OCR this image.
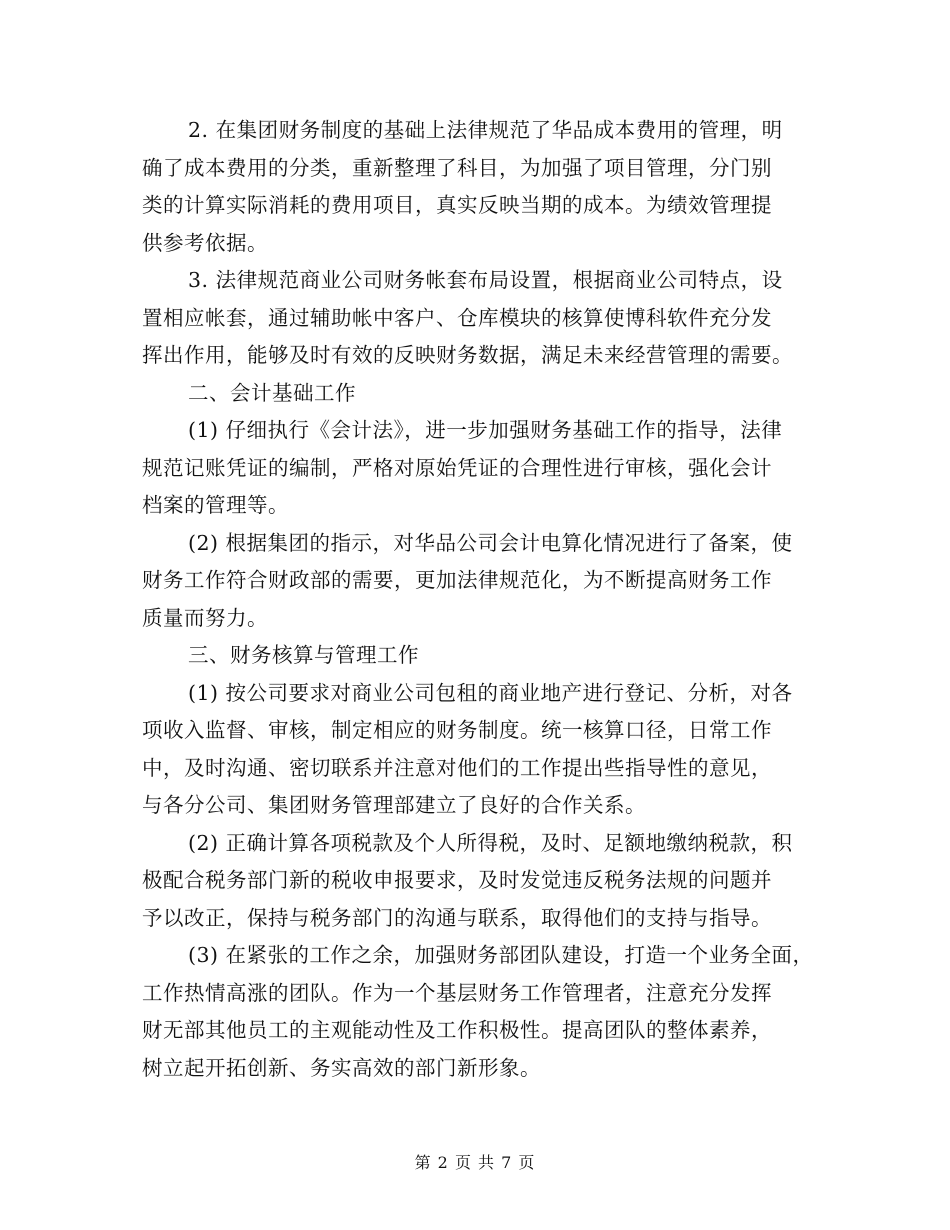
2. 在集团财务制度的基础上法律规范了华品成本费用的管理，明
确了成本费用的分类，重新整理了科目，为加强了项目管理，分门别
类的计算实际消耗的费用项目，真实反映当期的成本。为绩效管理提
供参考依据。
3. 法律规范商业公司财务帐套布局设置，根据商业公司特点，设
置相应帐套，通过辅助帐中客户、仓库模块的核算使博科软件充分发
挥出作用，能够及时有效的反映财务数据，满足未来经营管理的需要。
二、会计基础工作
(1) 仔细执行《会计法》，进一步加强财务基础工作的指导，法律
规范记账凭证的编制，严格对原始凭证的合理性进行审核，强化会计
档案的管理等。
(2) 根据集团的指示，对华品公司会计电算化情况进行了备案，使
财务工作符合财政部的需要，更加法律规范化，为不断提高财务工作
质量而努力。
三、财务核算与管理工作
(1) 按公司要求对商业公司包租的商业地产进行登记、分析，对各
项收入监督、审核，制定相应的财务制度。统一核算口径，日常工作
中，及时沟通、密切联系并注意对他们的工作提出些指导性的意见，
与各分公司、集团财务管理部建立了良好的合作关系。
(2) 正确计算各项税款及个人所得税，及时、足额地缴纳税款，积
极配合税务部门新的税收申报要求，及时发觉违反税务法规的问题并
予以改正，保持与税务部门的沟通与联系，取得他们的支持与指导。
(3) 在紧张的工作之余，加强财务部团队建设，打造一个业务全面，
工作热情高涨的团队。作为一个基层财务工作管理者，注意充分发挥
财无部其他员工的主观能动性及工作积极性。提高团队的整体素养，
树立起开拓创新、务实高效的部门新形象。
第 2 页 共 7 页
